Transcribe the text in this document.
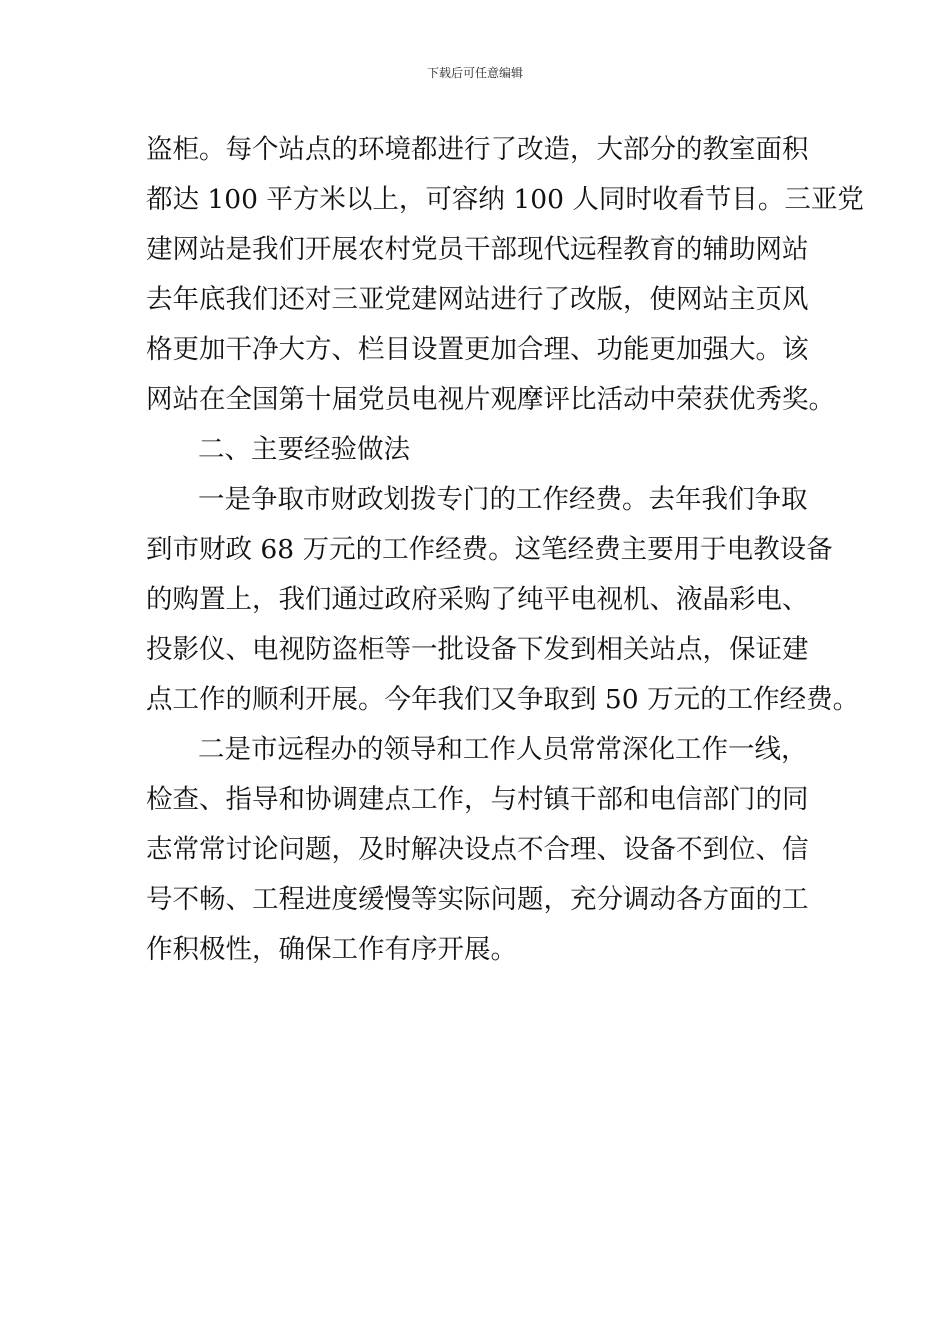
下载后可任意编辑
盗柜。每个站点的环境都进行了改造，大部分的教室面积
都达 100 平方米以上，可容纳 100 人同时收看节目。三亚党
建网站是我们开展农村党员干部现代远程教育的辅助网站
去年底我们还对三亚党建网站进行了改版，使网站主页风
格更加干净大方、栏目设置更加合理、功能更加强大。该
网站在全国第十届党员电视片观摩评比活动中荣获优秀奖。
二、主要经验做法
一是争取市财政划拨专门的工作经费。去年我们争取
到市财政 68 万元的工作经费。这笔经费主要用于电教设备
的购置上，我们通过政府采购了纯平电视机、液晶彩电、
投影仪、电视防盗柜等一批设备下发到相关站点，保证建
点工作的顺利开展。今年我们又争取到 50 万元的工作经费。
二是市远程办的领导和工作人员常常深化工作一线，
检查、指导和协调建点工作，与村镇干部和电信部门的同
志常常讨论问题，及时解决设点不合理、设备不到位、信
号不畅、工程进度缓慢等实际问题，充分调动各方面的工
作积极性，确保工作有序开展。
